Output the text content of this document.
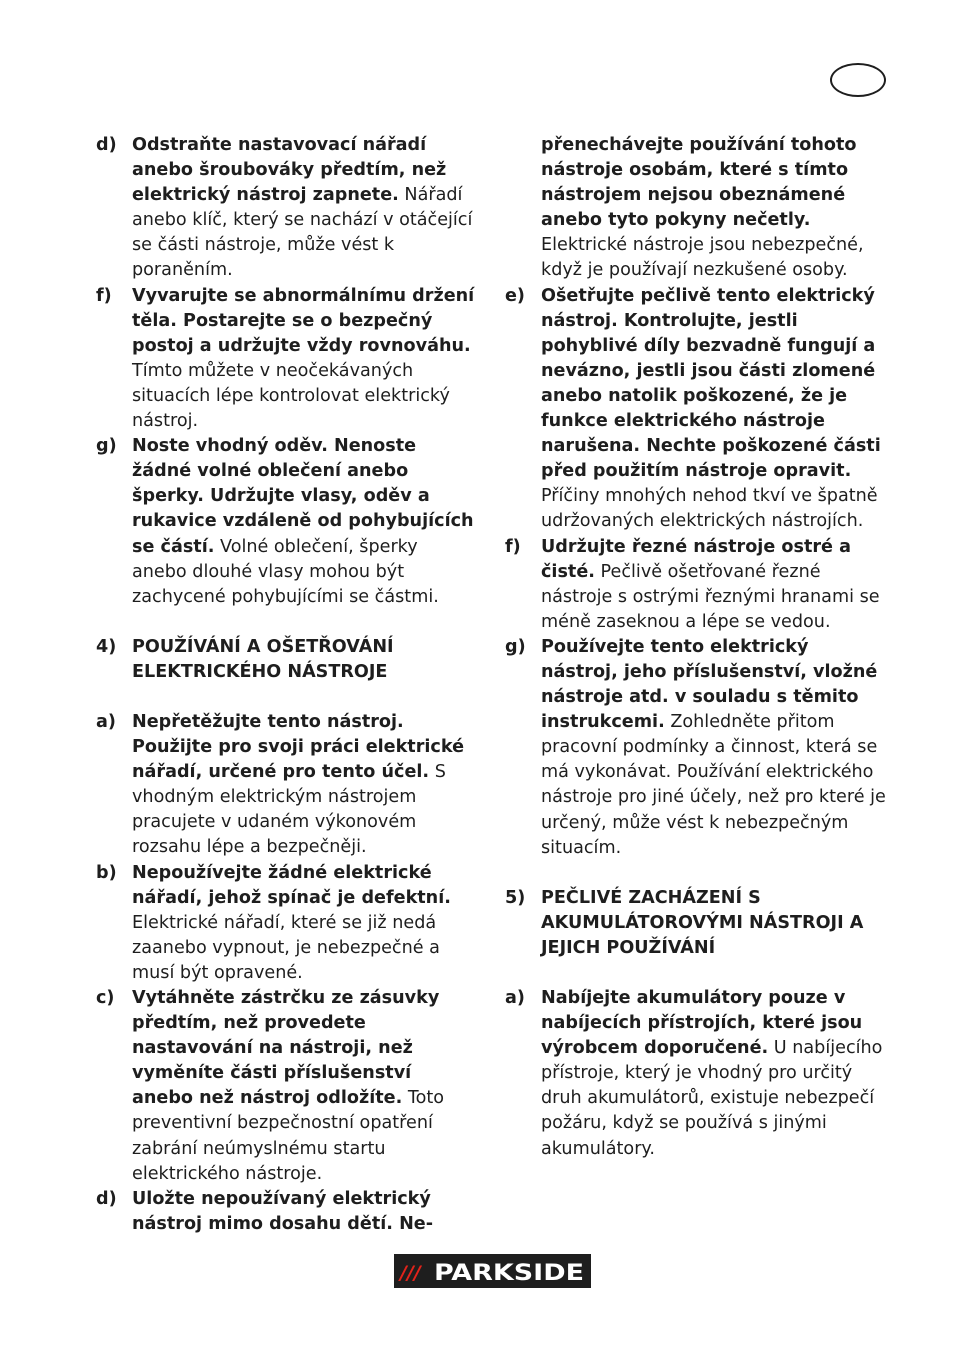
d) Odstraňte nastavovací nářadí anebo šroubováky předtím, než elektrický nástroj zapnete. Nářadí anebo klíč, který se nachází v otáčející se části nástroje, může vést k poraněním.
f)	Vyvarujte se abnormálnímu držení těla. Postarejte se o bezpečný postoj a udržujte vždy rovnováhu. Tímto můžete v neočekávaných situacích lépe kontrolovat elektrický nástroj.
g) Noste vhodný oděv. Nenoste žádné volné oblečení anebo šperky. Udržujte vlasy, oděv a rukavice vzdáleně od pohybujících se částí. Volné oblečení, šperky anebo dlouhé vlasy mohou být zachycené pohybujícími se částmi.
4) POUŽÍVÁNÍ A OŠETŘOVÁNÍ ELEKTRICKÉHO NÁSTROJE
a) Nepřetěžujte tento nástroj. Použijte pro svoji práci elektrické nářadí, určené pro tento účel. S vhodným elektrickým nástrojem pracujete v udaném výkonovém rozsahu lépe a bezpečněji.
b) Nepoužívejte žádné elektrické nářadí, jehož spínač je defektní. Elektrické nářadí, které se již nedá zaanebo vypnout, je nebezpečné a musí být opravené.
c) Vytáhněte zástrčku ze zásuvky předtím, než provedete nastavování na nástroji, než vyměníte části příslušenství anebo než nástroj odložíte. Toto preventivní bezpečnostní opatření zabrání neúmyslnému startu elektrického nástroje.
d) Uložte nepoužívaný elektrický nástroj mimo dosahu dětí. Ne-
přenechávejte používání tohoto nástroje osobám, které s tímto nástrojem nejsou obeznámené anebo tyto pokyny nečetly. Elektrické nástroje jsou nebezpečné, když je používají nezkušené osoby.
e) Ošetřujte pečlivě tento elektrický nástroj. Kontrolujte, jestli pohyblivé díly bezvadně fungují a nevázno, jestli jsou části zlomené anebo natolik poškozené, že je funkce elektrického nástroje narušena. Nechte poškozené části před použitím nástroje opravit. Příčiny mnohých nehod tkví ve špatně udržovaných elektrických nástrojích.
f)	Udržujte řezné nástroje ostré a čisté. Pečlivě ošetřované řezné nástroje s ostrými řeznými hranami se méně zaseknou a lépe se vedou.
g) Používejte tento elektrický nástroj, jeho příslušenství, vložné nástroje atd. v souladu s těmito instrukcemi. Zohledněte přitom pracovní podmínky a činnost, která se má vykonávat. Používání elektrického nástroje pro jiné účely, než pro které je určený, může vést k nebezpečným situacím.
5) PEČLIVÉ ZACHÁZENÍ S AKUMULÁTOROVÝMI NÁSTROJI A JEJICH POUŽÍVÁNÍ
a) Nabíjejte akumulátory pouze v nabíjecích přístrojích, které jsou výrobcem doporučené. U nabíjecího přístroje, který je vhodný pro určitý druh akumulátorů, existuje nebezpečí požáru, když se používá s jinými akumulátory.
/// PARKSIDE
